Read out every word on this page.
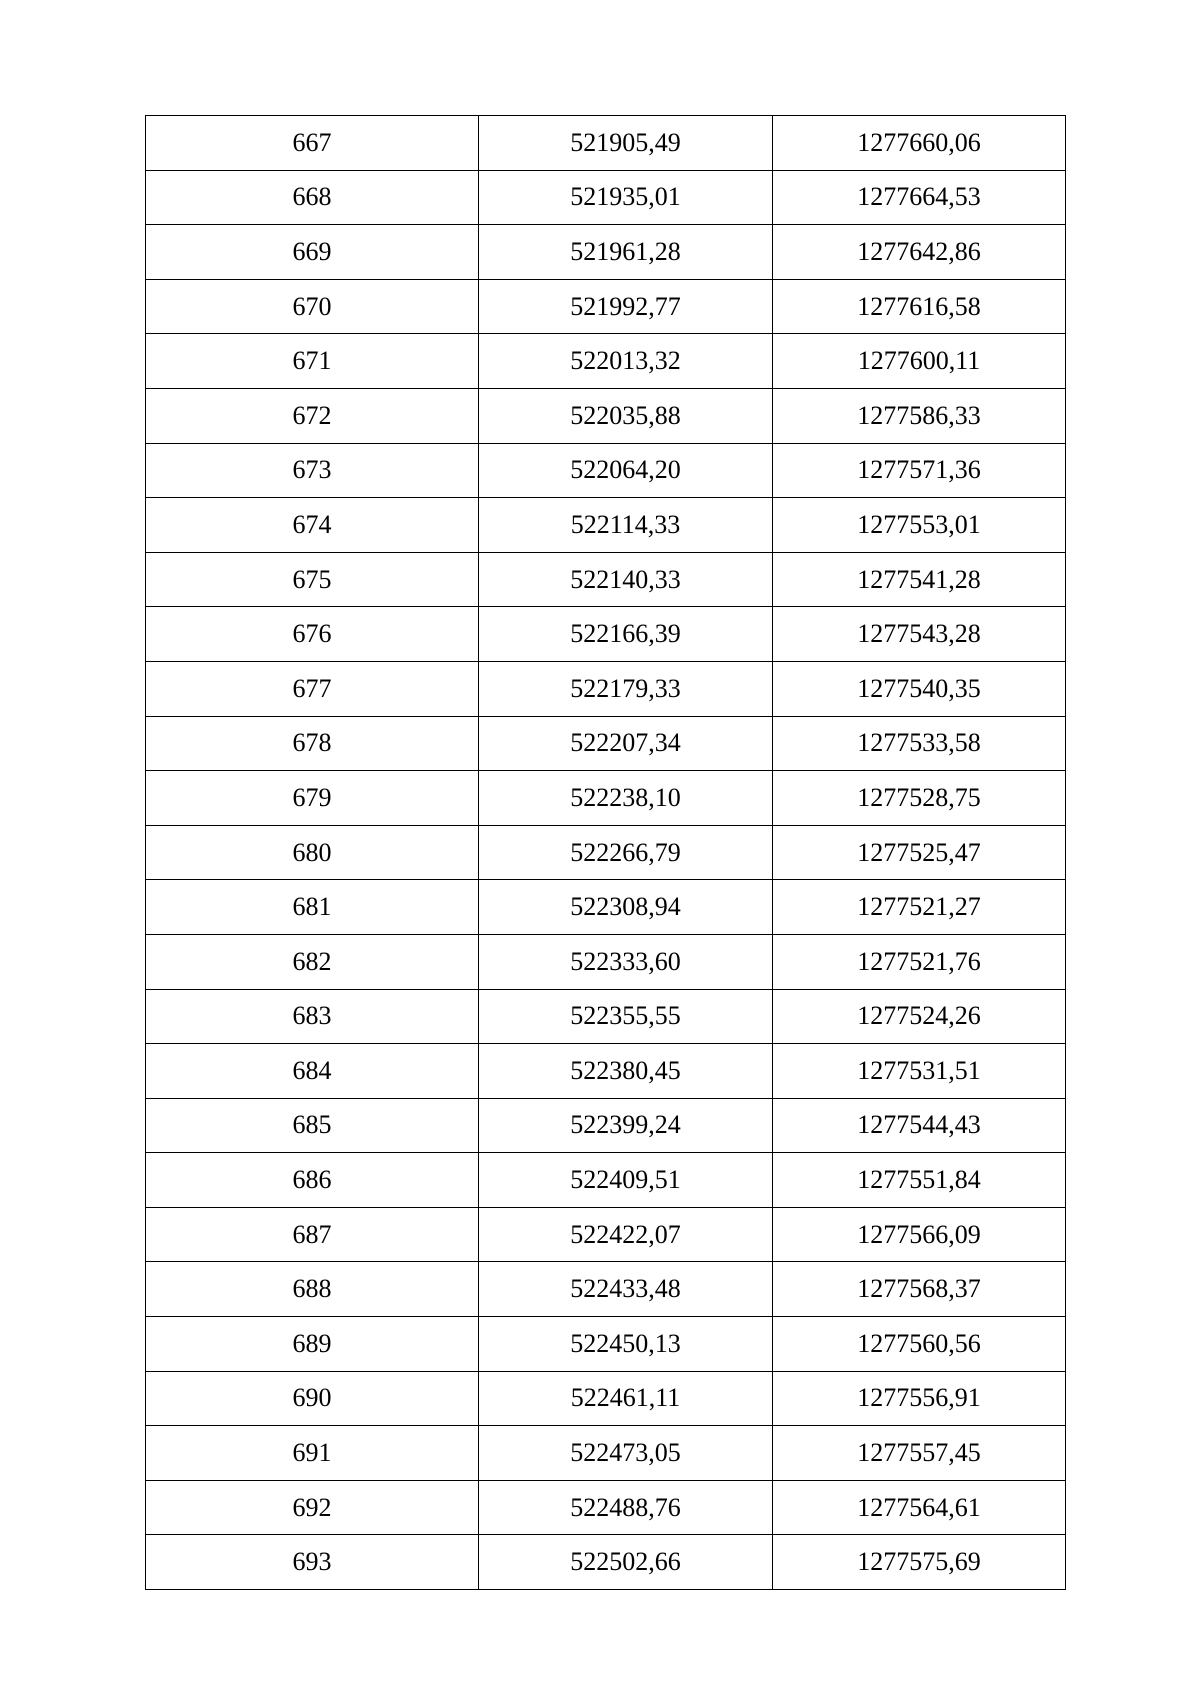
667	521905,49	1277660,06
668	521935,01	1277664,53
669	521961,28	1277642,86
670	521992,77	1277616,58
671	522013,32	1277600,11
672	522035,88	1277586,33
673	522064,20	1277571,36
674	522114,33	1277553,01
675	522140,33	1277541,28
676	522166,39	1277543,28
677	522179,33	1277540,35
678	522207,34	1277533,58
679	522238,10	1277528,75
680	522266,79	1277525,47
681	522308,94	1277521,27
682	522333,60	1277521,76
683	522355,55	1277524,26
684	522380,45	1277531,51
685	522399,24	1277544,43
686	522409,51	1277551,84
687	522422,07	1277566,09
688	522433,48	1277568,37
689	522450,13	1277560,56
690	522461,11	1277556,91
691	522473,05	1277557,45
692	522488,76	1277564,61
693	522502,66	1277575,69
